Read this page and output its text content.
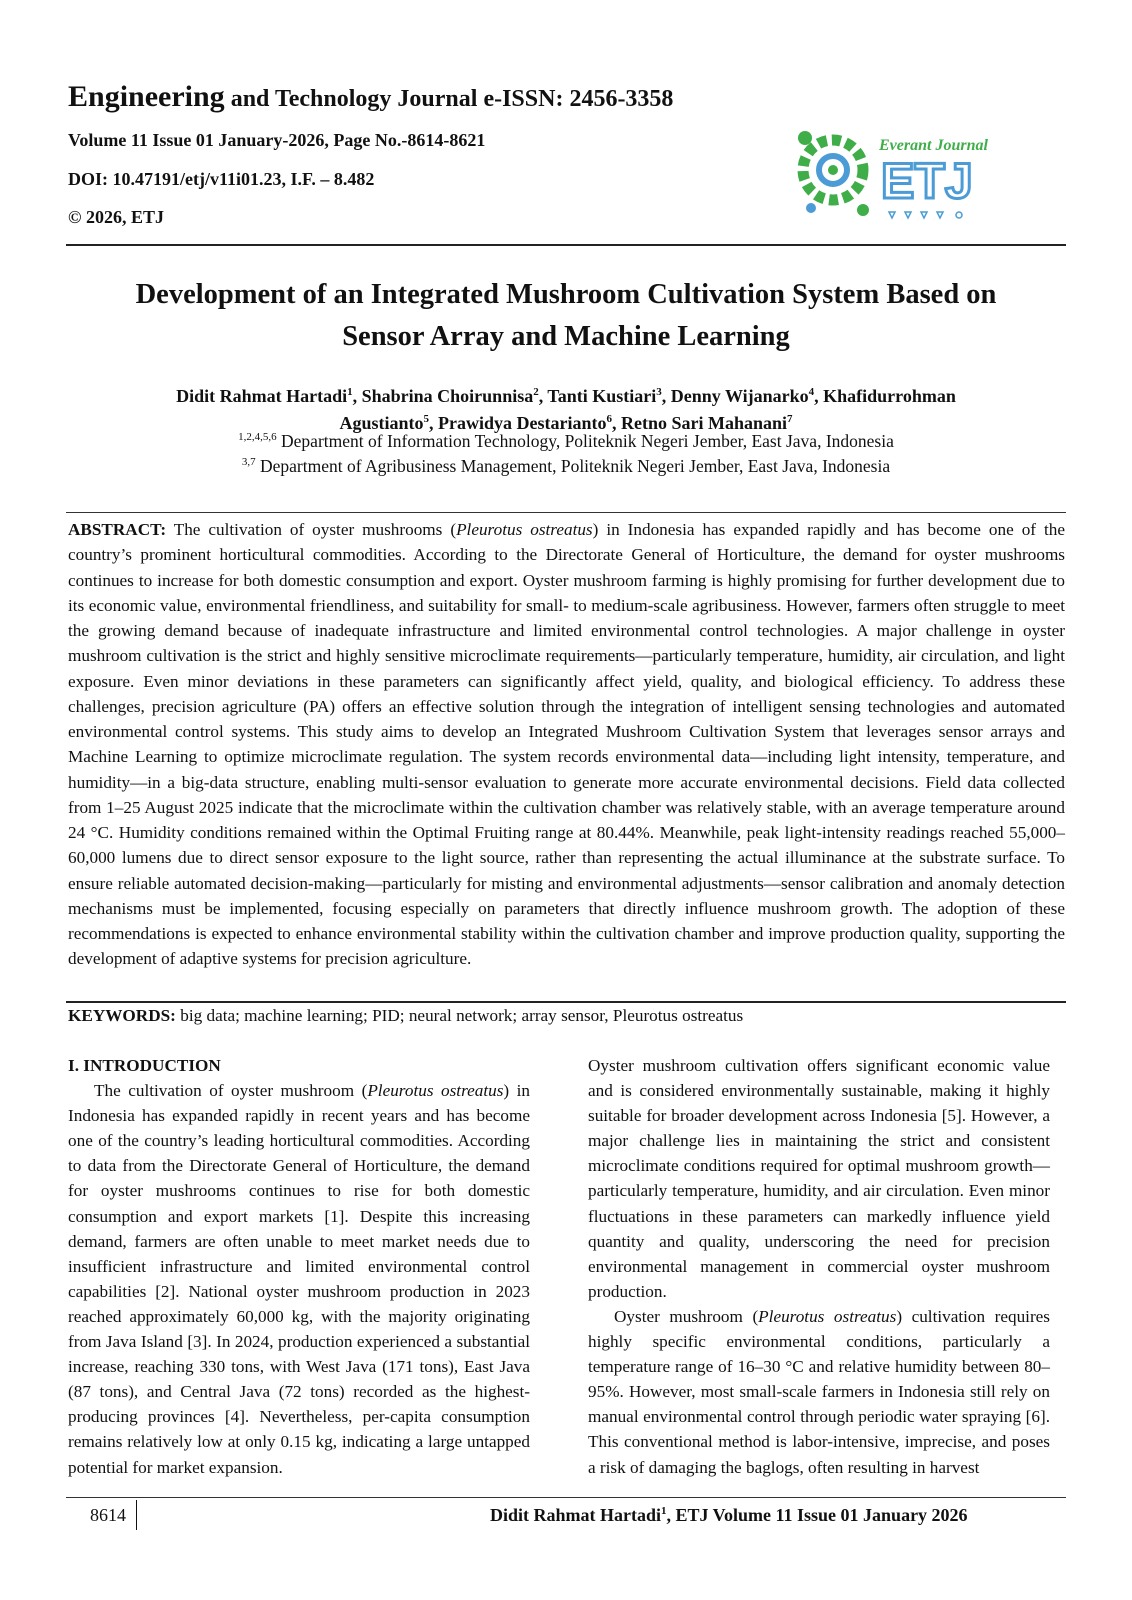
Engineering and Technology Journal e-ISSN: 2456-3358
Volume 11 Issue 01 January-2026, Page No.-8614-8621
DOI: 10.47191/etj/v11i01.23, I.F. – 8.482
© 2026, ETJ
Everant Journal
ETJ
Development of an Integrated Mushroom Cultivation System Based on
Sensor Array and Machine Learning
Didit Rahmat Hartadi$^1$, Shabrina Choirunnisa$^2$, Tanti Kustiari$^3$, Denny Wijanarko$^4$, Khafidurrohman
Agustianto$^5$, Prawidya Destarianto$^6$, Retno Sari Mahanani$^7$
$^{1,2,4,5,6}$ Department of Information Technology, Politeknik Negeri Jember, East Java, Indonesia
$^{3,7}$ Department of Agribusiness Management, Politeknik Negeri Jember, East Java, Indonesia
ABSTRACT: The cultivation of oyster mushrooms (Pleurotus ostreatus) in Indonesia has expanded rapidly and has become one of the country’s prominent horticultural commodities. According to the Directorate General of Horticulture, the demand for oyster mushrooms continues to increase for both domestic consumption and export. Oyster mushroom farming is highly promising for further development due to its economic value, environmental friendliness, and suitability for small- to medium-scale agribusiness. However, farmers often struggle to meet the growing demand because of inadequate infrastructure and limited environmental control technologies. A major challenge in oyster mushroom cultivation is the strict and highly sensitive microclimate requirements—particularly temperature, humidity, air circulation, and light exposure. Even minor deviations in these parameters can significantly affect yield, quality, and biological efficiency. To address these challenges, precision agriculture (PA) offers an effective solution through the integration of intelligent sensing technologies and automated environmental control systems. This study aims to develop an Integrated Mushroom Cultivation System that leverages sensor arrays and Machine Learning to optimize microclimate regulation. The system records environmental data—including light intensity, temperature, and humidity—in a big-data structure, enabling multi-sensor evaluation to generate more accurate environmental decisions. Field data collected from 1–25 August 2025 indicate that the microclimate within the cultivation chamber was relatively stable, with an average temperature around 24 °C. Humidity conditions remained within the Optimal Fruiting range at 80.44%. Meanwhile, peak light-intensity readings reached 55,000–60,000 lumens due to direct sensor exposure to the light source, rather than representing the actual illuminance at the substrate surface. To ensure reliable automated decision-making—particularly for misting and environmental adjustments—sensor calibration and anomaly detection mechanisms must be implemented, focusing especially on parameters that directly influence mushroom growth. The adoption of these recommendations is expected to enhance environmental stability within the cultivation chamber and improve production quality, supporting the development of adaptive systems for precision agriculture.
KEYWORDS: big data; machine learning; PID; neural network; array sensor, Pleurotus ostreatus

I. INTRODUCTION

The cultivation of oyster mushroom (Pleurotus ostreatus) in Indonesia has expanded rapidly in recent years and has become one of the country’s leading horticultural commodities. According to data from the Directorate General of Horticulture, the demand for oyster mushrooms continues to rise for both domestic consumption and export markets [1]. Despite this increasing demand, farmers are often unable to meet market needs due to insufficient infrastructure and limited environmental control capabilities [2]. National oyster mushroom production in 2023 reached approximately 60,000 kg, with the majority originating from Java Island [3]. In 2024, production experienced a substantial increase, reaching 330 tons, with West Java (171 tons), East Java (87 tons), and Central Java (72 tons) recorded as the highest-producing provinces [4]. Nevertheless, per-capita consumption remains relatively low at only 0.15 kg, indicating a large untapped potential for market expansion.

Oyster mushroom cultivation offers significant economic value and is considered environmentally sustainable, making it highly suitable for broader development across Indonesia [5]. However, a major challenge lies in maintaining the strict and consistent microclimate conditions required for optimal mushroom growth—particularly temperature, humidity, and air circulation. Even minor fluctuations in these parameters can markedly influence yield quantity and quality, underscoring the need for precision environmental management in commercial oyster mushroom production.

Oyster mushroom (Pleurotus ostreatus) cultivation requires highly specific environmental conditions, particularly a temperature range of 16–30 °C and relative humidity between 80–95%. However, most small-scale farmers in Indonesia still rely on manual environmental control through periodic water spraying [6]. This conventional method is labor-intensive, imprecise, and poses a risk of damaging the baglogs, often resulting in harvest

8614	Didit Rahmat Hartadi$^1$, ETJ Volume 11 Issue 01 January 2026
